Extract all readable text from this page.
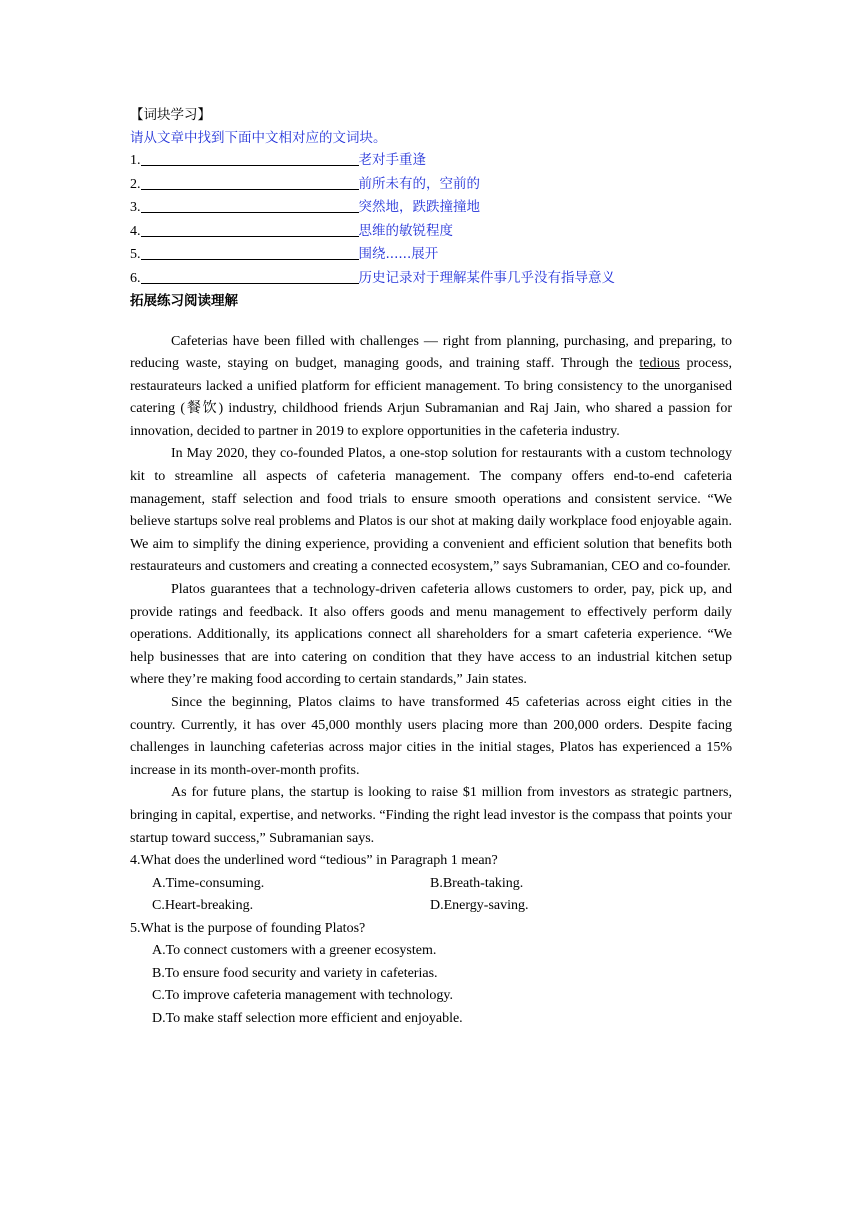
【词块学习】
请从文章中找到下面中文相对应的文词块。
1.	老对手重逢
2.	前所未有的，空前的
3.	突然地，跌跌撞撞地
4.	思维的敏锐程度
5.	围绕......展开
6.	历史记录对于理解某件事几乎没有指导意义
拓展练习阅读理解

Cafeterias have been filled with challenges — right from planning, purchasing, and preparing, to reducing waste, staying on budget, managing goods, and training staff. Through the tedious process, restaurateurs lacked a unified platform for efficient management. To bring consistency to the unorganised catering (餐饮) industry, childhood friends Arjun Subramanian and Raj Jain, who shared a passion for innovation, decided to partner in 2019 to explore opportunities in the cafeteria industry.

In May 2020, they co-founded Platos, a one-stop solution for restaurants with a custom technology kit to streamline all aspects of cafeteria management. The company offers end-to-end cafeteria management, staff selection and food trials to ensure smooth operations and consistent service. “We believe startups solve real problems and Platos is our shot at making daily workplace food enjoyable again. We aim to simplify the dining experience, providing a convenient and efficient solution that benefits both restaurateurs and customers and creating a connected ecosystem,” says Subramanian, CEO and co-founder.

Platos guarantees that a technology-driven cafeteria allows customers to order, pay, pick up, and provide ratings and feedback. It also offers goods and menu management to effectively perform daily operations. Additionally, its applications connect all shareholders for a smart cafeteria experience. “We help businesses that are into catering on condition that they have access to an industrial kitchen setup where they’re making food according to certain standards,” Jain states.

Since the beginning, Platos claims to have transformed 45 cafeterias across eight cities in the country. Currently, it has over 45,000 monthly users placing more than 200,000 orders. Despite facing challenges in launching cafeterias across major cities in the initial stages, Platos has experienced a 15% increase in its month-over-month profits.

As for future plans, the startup is looking to raise $1 million from investors as strategic partners, bringing in capital, expertise, and networks. “Finding the right lead investor is the compass that points your startup toward success,” Subramanian says.

4.What does the underlined word “tedious” in Paragraph 1 mean?
A.Time-consuming.	B.Breath-taking.
C.Heart-breaking.	D.Energy-saving.
5.What is the purpose of founding Platos?
A.To connect customers with a greener ecosystem.
B.To ensure food security and variety in cafeterias.
C.To improve cafeteria management with technology.
D.To make staff selection more efficient and enjoyable.
